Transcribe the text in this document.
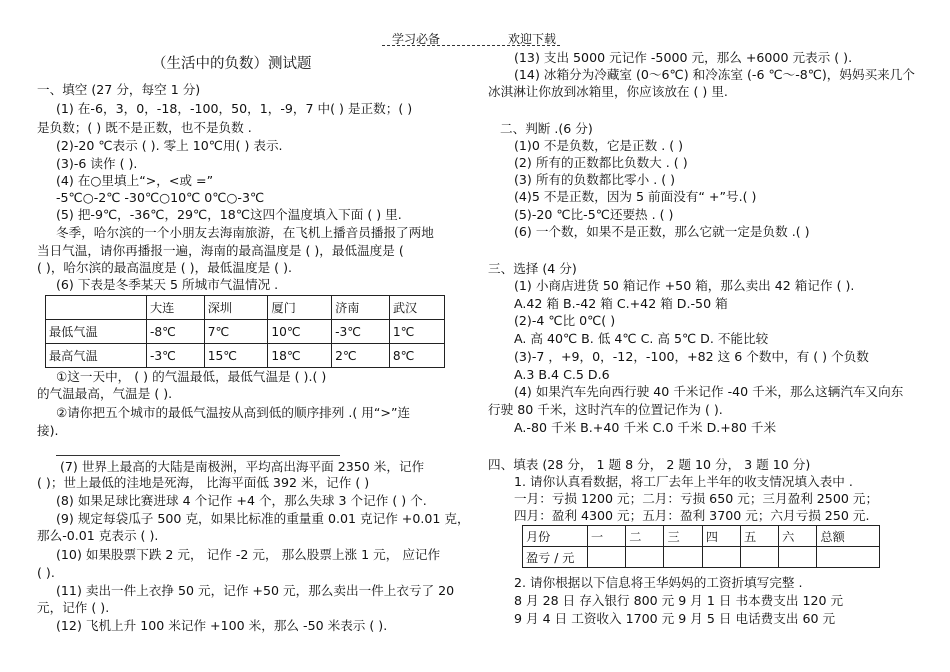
学习必备	欢迎下载
（生活中的负数）测试题
一、填空 (27 分，每空 1 分)
(1) 在-6，3，0，-18，-100，50，1，-9，7 中( ) 是正数；( )
是负数；( ) 既不是正数，也不是负数 .
(2)-20 ℃表示 ( ). 零上 10℃用( ) 表示.
(3)-6 读作 ( ).
(4) 在○里填上“>，<或 =”
-5℃○-2℃ -30℃○10℃ 0℃○-3℃
(5) 把-9℃，-36℃，29℃，18℃这四个温度填入下面 ( ) 里.
冬季，哈尔滨的一个小朋友去海南旅游，在飞机上播音员播报了两地
当日气温，请你再播报一遍，海南的最高温度是 ( )，最低温度是 (
( )，哈尔滨的最高温度是 ( )，最低温度是 ( ).
(6) 下表是冬季某天 5 所城市气温情况 .
	大连	深圳	厦门	济南	武汉
最低气温	-8℃	7℃	10℃	-3℃	1℃
最高气温	-3℃	15℃	18℃	2℃	8℃
①这一天中， ( ) 的气温最低，最低气温是 ( ).( )
的气温最高，气温是 ( ).
②请你把五个城市的最低气温按从高到低的顺序排列 .( 用“>”连
接).
(7) 世界上最高的大陆是南极洲，平均高出海平面 2350 米，记作
( )；世上最低的洼地是死海， 比海平面低 392 米，记作 ( )
(8) 如果足球比赛进球 4 个记作 +4 个，那么失球 3 个记作 ( ) 个.
(9) 规定每袋瓜子 500 克，如果比标准的重量重 0.01 克记作 +0.01 克，
那么-0.01 克表示 ( ).
(10) 如果股票下跌 2 元， 记作 -2 元， 那么股票上涨 1 元， 应记作
( ).
(11) 卖出一件上衣挣 50 元，记作 +50 元，那么卖出一件上衣亏了 20
元，记作 ( ).
(12) 飞机上升 100 米记作 +100 米，那么 -50 米表示 ( ).
(13) 支出 5000 元记作 -5000 元，那么 +6000 元表示 ( ).
(14) 冰箱分为冷藏室 (0～6℃) 和冷冻室 (-6 ℃～-8℃)，妈妈买来几个
冰淇淋让你放到冰箱里，你应该放在 ( ) 里.
二、判断 .(6 分)
(1)0 不是负数，它是正数 . ( )
(2) 所有的正数都比负数大 . ( )
(3) 所有的负数都比零小 . ( )
(4)5 不是正数，因为 5 前面没有“ +”号.( )
(5)-20 ℃比-5℃还要热 . ( )
(6) 一个数，如果不是正数，那么它就一定是负数 .( )
三、选择 (4 分)
(1) 小商店进货 50 箱记作 +50 箱，那么卖出 42 箱记作 ( ).
A.42 箱 B.-42 箱 C.+42 箱 D.-50 箱
(2)-4 ℃比 0℃( )
A. 高 40℃ B. 低 4℃ C. 高 5℃ D. 不能比较
(3)-7 ，+9，0，-12，-100，+82 这 6 个数中，有 ( ) 个负数
A.3 B.4 C.5 D.6
(4) 如果汽车先向西行驶 40 千米记作 -40 千米，那么这辆汽车又向东
行驶 80 千米，这时汽车的位置记作为 ( ).
A.-80 千米 B.+40 千米 C.0 千米 D.+80 千米
四、填表 (28 分， 1 题 8 分， 2 题 10 分， 3 题 10 分)
1. 请你认真看数据，将工厂去年上半年的收支情况填入表中 .
一月：亏损 1200 元；二月：亏损 650 元；三月盈利 2500 元；
四月：盈利 4300 元；五月：盈利 3700 元；六月亏损 250 元.
月份	一	二	三	四	五	六	总额
盈亏 / 元							
2. 请你根据以下信息将王华妈妈的工资折填写完整 .
8 月 28 日 存入银行 800 元 9 月 1 日 书本费支出 120 元
9 月 4 日 工资收入 1700 元 9 月 5 日 电话费支出 60 元
